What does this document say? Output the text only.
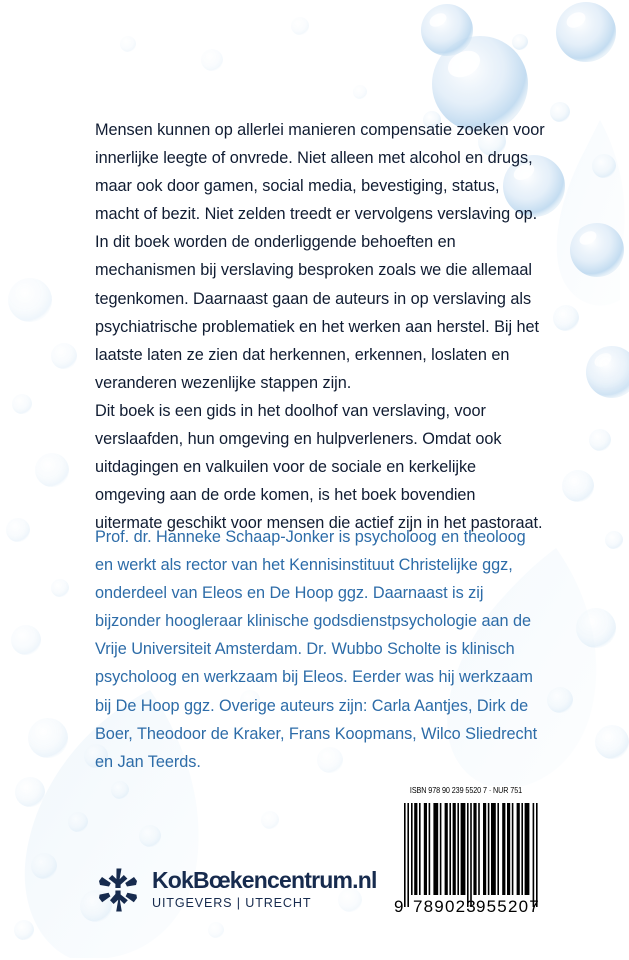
Mensen kunnen op allerlei manieren compensatie zoeken voor innerlijke leegte of onvrede. Niet alleen met alcohol en drugs, maar ook door gamen, social media, bevestiging, status, macht of bezit. Niet zelden treedt er vervolgens verslaving op.

In dit boek worden de onderliggende behoeften en mechanismen bij verslaving besproken zoals we die allemaal tegenkomen. Daarnaast gaan de auteurs in op verslaving als psychiatrische problematiek en het werken aan herstel. Bij het laatste laten ze zien dat herkennen, erkennen, loslaten en veranderen wezenlijke stappen zijn.

Dit boek is een gids in het doolhof van verslaving, voor verslaafden, hun omgeving en hulpverleners. Omdat ook uitdagingen en valkuilen voor de sociale en kerkelijke omgeving aan de orde komen, is het boek bovendien uitermate geschikt voor mensen die actief zijn in het pastoraat.

Prof. dr. Hanneke Schaap-Jonker is psycholoog en theoloog en werkt als rector van het Kennisinstituut Christelijke ggz, onderdeel van Eleos en De Hoop ggz. Daarnaast is zij bijzonder hoogleraar klinische godsdienstpsychologie aan de Vrije Universiteit Amsterdam. Dr. Wubbo Scholte is klinisch psycholoog en werkzaam bij Eleos. Eerder was hij werkzaam bij De Hoop ggz. Overige auteurs zijn: Carla Aantjes, Dirk de Boer, Theodoor de Kraker, Frans Koopmans, Wilco Sliedrecht en Jan Teerds.

KokBœkencentrum.nl
UITGEVERS | UTRECHT
ISBN 978 90 239 5520 7 · NUR 751
9 789023 955207
